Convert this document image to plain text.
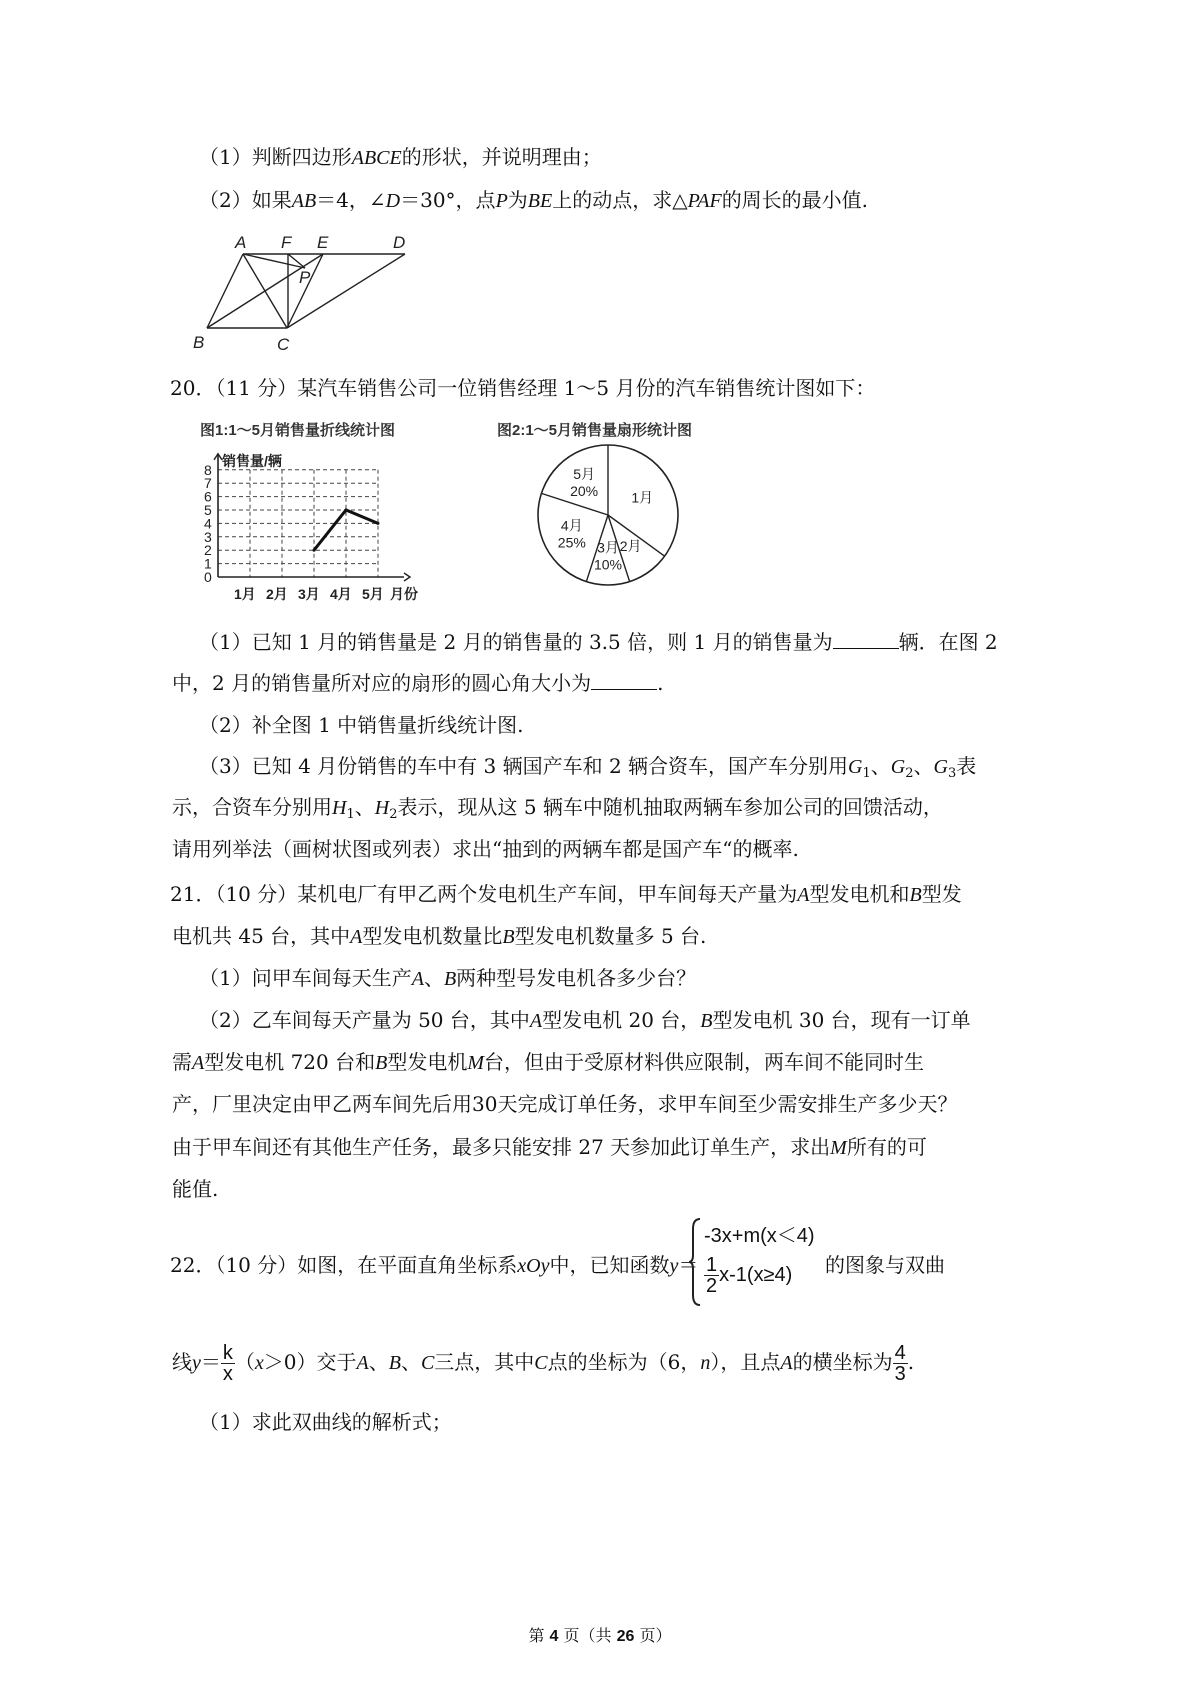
（1）判断四边形ABCE的形状，并说明理由；
（2）如果AB＝4，∠D＝30°，点P为BE上的动点，求△PAF的周长的最小值.
A F E	D
P
B	C
20．（11 分）某汽车销售公司一位销售经理 1～5 月份的汽车销售统计图如下：
图1:1～5月销售量折线统计图	图2:1～5月销售量扇形统计图
0
1
2
3
4
5
6
7
8
1月 2月 3月 4月 5月
销售量/辆
月份
1月
2月
3月
10%
4月
25%
5月
20%
（1）已知 1 月的销售量是 2 月的销售量的 3.5 倍，则 1 月的销售量为	辆．在图 2
中，2 月的销售量所对应的扇形的圆心角大小为	.
（2）补全图 1 中销售量折线统计图.
（3）已知 4 月份销售的车中有 3 辆国产车和 2 辆合资车，国产车分别用$G_1$、$G_2$、$G_3$表
示，合资车分别用$H_1$、$H_2$表示，现从这 5 辆车中随机抽取两辆车参加公司的回馈活动，
请用列举法（画树状图或列表）求出“抽到的两辆车都是国产车“的概率.
21．（10 分）某机电厂有甲乙两个发电机生产车间，甲车间每天产量为A型发电机和B型发
电机共 45 台，其中A型发电机数量比B型发电机数量多 5 台.
（1）问甲车间每天生产A、B两种型号发电机各多少台？
（2）乙车间每天产量为 50 台，其中A型发电机 20 台，B型发电机 30 台，现有一订单
需A型发电机 720 台和B型发电机M台，但由于受原材料供应限制，两车间不能同时生
产，厂里决定由甲乙两车间先后用30天完成订单任务，求甲车间至少需安排生产多少天？
由于甲车间还有其他生产任务，最多只能安排 27 天参加此订单生产，求出M所有的可
能值.
22．（10 分）如图，在平面直角坐标系xOy中，已知函数y＝
-3x+m(x＜4)
$\frac{1}{2} x-1(x\ge 4)$ 的图象与双曲
线$y= \frac{k}{x} (x>0)$交于A、B、C三点，其中C点的坐标为（6，n），且点A的横坐标为 $\frac{4}{3}$ .
（1）求此双曲线的解析式；
第 4 页（共 26 页）
